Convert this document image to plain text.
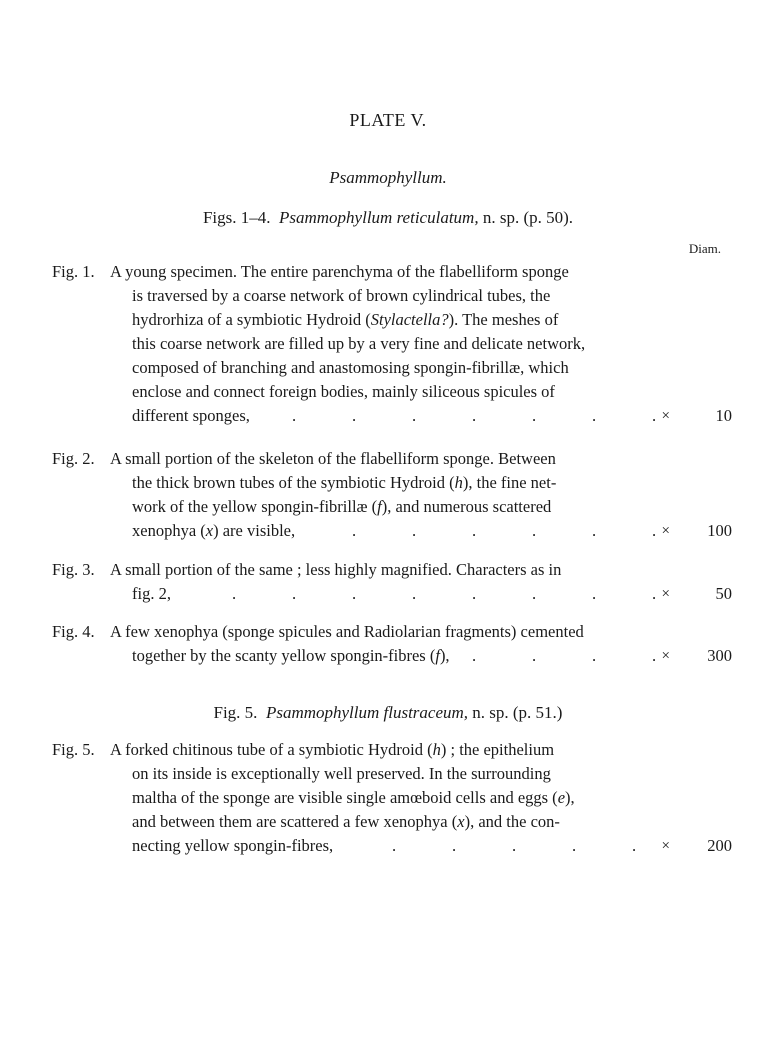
PLATE V.
Psammophyllum.
Figs. 1–4. Psammophyllum reticulatum, n. sp. (p. 50).
Diam.
Fig. 1. A young specimen. The entire parenchyma of the flabelliform sponge
is traversed by a coarse network of brown cylindrical tubes, the
hydrorhiza of a symbiotic Hydroid (Stylactella?). The meshes of
this coarse network are filled up by a very fine and delicate network,
composed of branching and anastomosing spongin-fibrillæ, which
enclose and connect foreign bodies, mainly siliceous spicules of
different sponges,	.	.	.	.	.	.	. ×	10
Fig. 2. A small portion of the skeleton of the flabelliform sponge. Between
the thick brown tubes of the symbiotic Hydroid (h), the fine net-
work of the yellow spongin-fibrillæ (f), and numerous scattered
xenophya (x) are visible,	.	.	.	.	.	. ×	100
Fig. 3. A small portion of the same ; less highly magnified. Characters as in
fig. 2,	.	.	.	.	.	.	.	. ×	50
Fig. 4. A few xenophya (sponge spicules and Radiolarian fragments) cemented
together by the scanty yellow spongin-fibres (f),	.	.	.	. ×	300
Fig. 5. Psammophyllum flustraceum, n. sp. (p. 51.)
Fig. 5. A forked chitinous tube of a symbiotic Hydroid (h) ; the epithelium
on its inside is exceptionally well preserved. In the surrounding
maltha of the sponge are visible single amœboid cells and eggs (e),
and between them are scattered a few xenophya (x), and the con-
necting yellow spongin-fibres,	.	.	.	.	.	×	200
